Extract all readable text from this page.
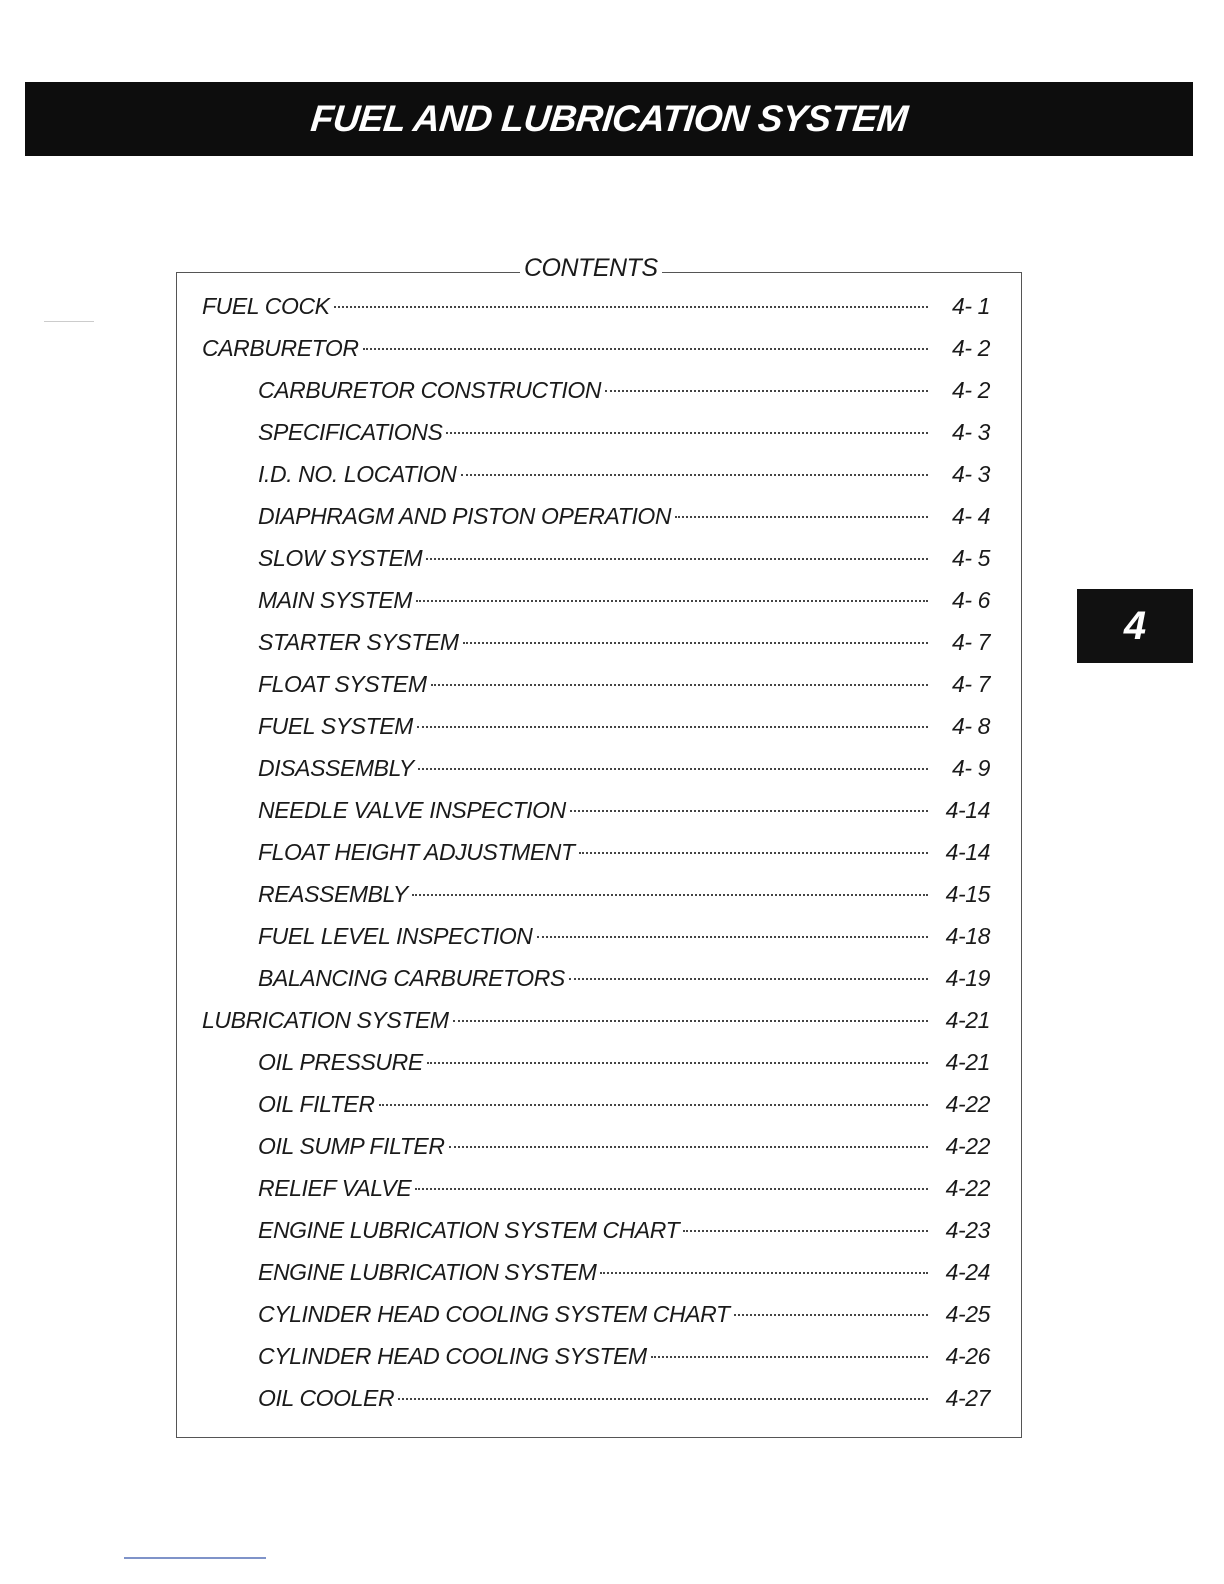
FUEL AND LUBRICATION SYSTEM
4
CONTENTS
FUEL COCK	4- 1
CARBURETOR	4- 2
CARBURETOR CONSTRUCTION	4- 2
SPECIFICATIONS	4- 3
I.D. NO. LOCATION	4- 3
DIAPHRAGM AND PISTON OPERATION	4- 4
SLOW SYSTEM	4- 5
MAIN SYSTEM	4- 6
STARTER SYSTEM	4- 7
FLOAT SYSTEM	4- 7
FUEL SYSTEM	4- 8
DISASSEMBLY	4- 9
NEEDLE VALVE INSPECTION	4-14
FLOAT HEIGHT ADJUSTMENT	4-14
REASSEMBLY	4-15
FUEL LEVEL INSPECTION	4-18
BALANCING CARBURETORS	4-19
LUBRICATION SYSTEM	4-21
OIL PRESSURE	4-21
OIL FILTER	4-22
OIL SUMP FILTER	4-22
RELIEF VALVE	4-22
ENGINE LUBRICATION SYSTEM CHART	4-23
ENGINE LUBRICATION SYSTEM	4-24
CYLINDER HEAD COOLING SYSTEM CHART	4-25
CYLINDER HEAD COOLING SYSTEM	4-26
OIL COOLER	4-27
